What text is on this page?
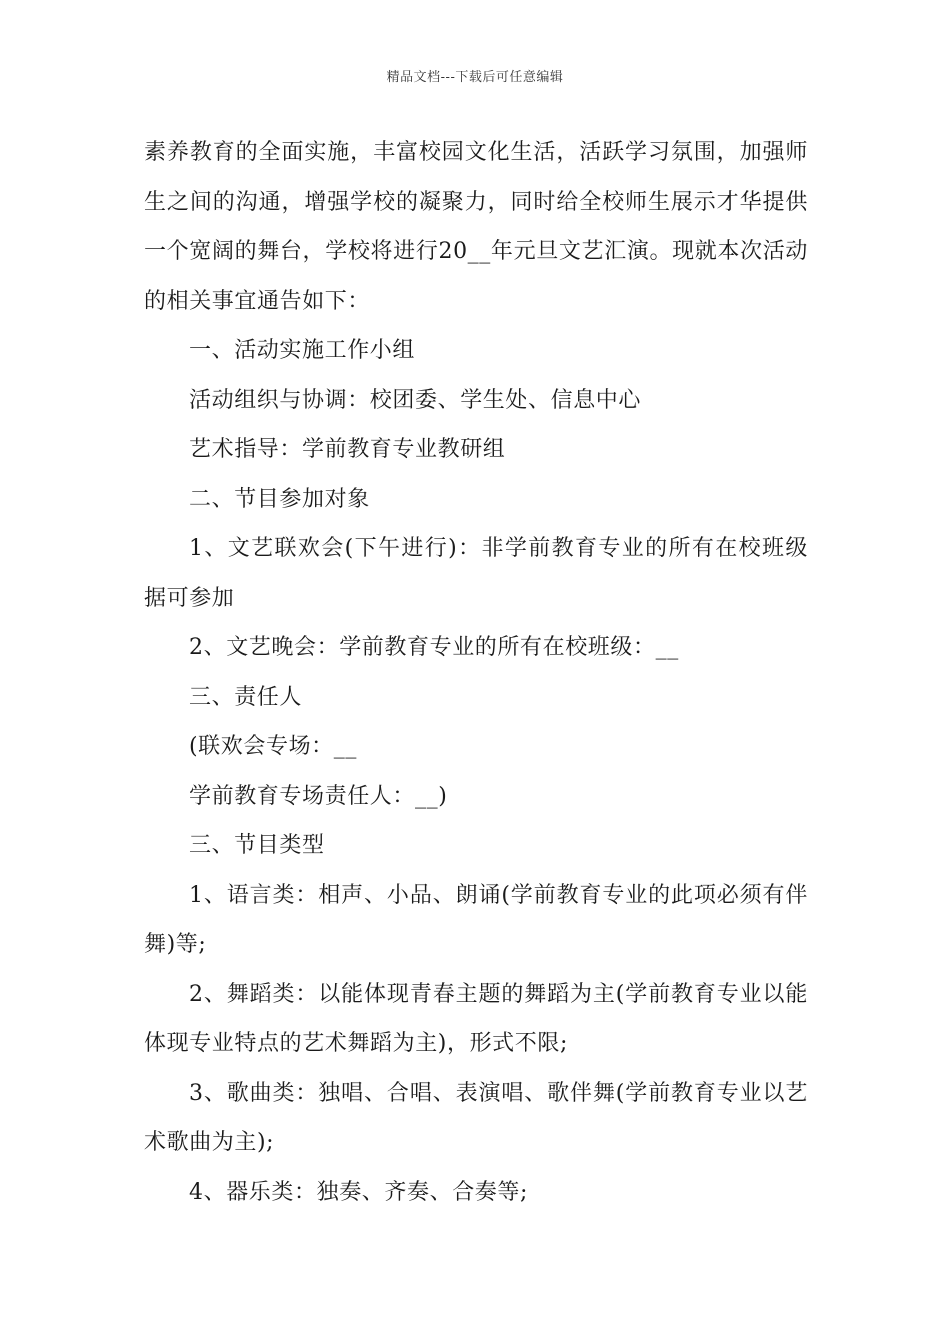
精品文档---下载后可任意编辑

素养教育的全面实施，丰富校园文化生活，活跃学习氛围，加强师生之间的沟通，增强学校的凝聚力，同时给全校师生展示才华提供一个宽阔的舞台，学校将进行20__年元旦文艺汇演。现就本次活动的相关事宜通告如下：

一、活动实施工作小组

活动组织与协调：校团委、学生处、信息中心

艺术指导：学前教育专业教研组

二、节目参加对象

1、文艺联欢会(下午进行)：非学前教育专业的所有在校班级据可参加

2、文艺晚会：学前教育专业的所有在校班级：__

三、责任人

(联欢会专场：__

学前教育专场责任人：__)

三、节目类型

1、语言类：相声、小品、朗诵(学前教育专业的此项必须有伴舞)等;

2、舞蹈类：以能体现青春主题的舞蹈为主(学前教育专业以能体现专业特点的艺术舞蹈为主)，形式不限;

3、歌曲类：独唱、合唱、表演唱、歌伴舞(学前教育专业以艺术歌曲为主);

4、器乐类：独奏、齐奏、合奏等;
